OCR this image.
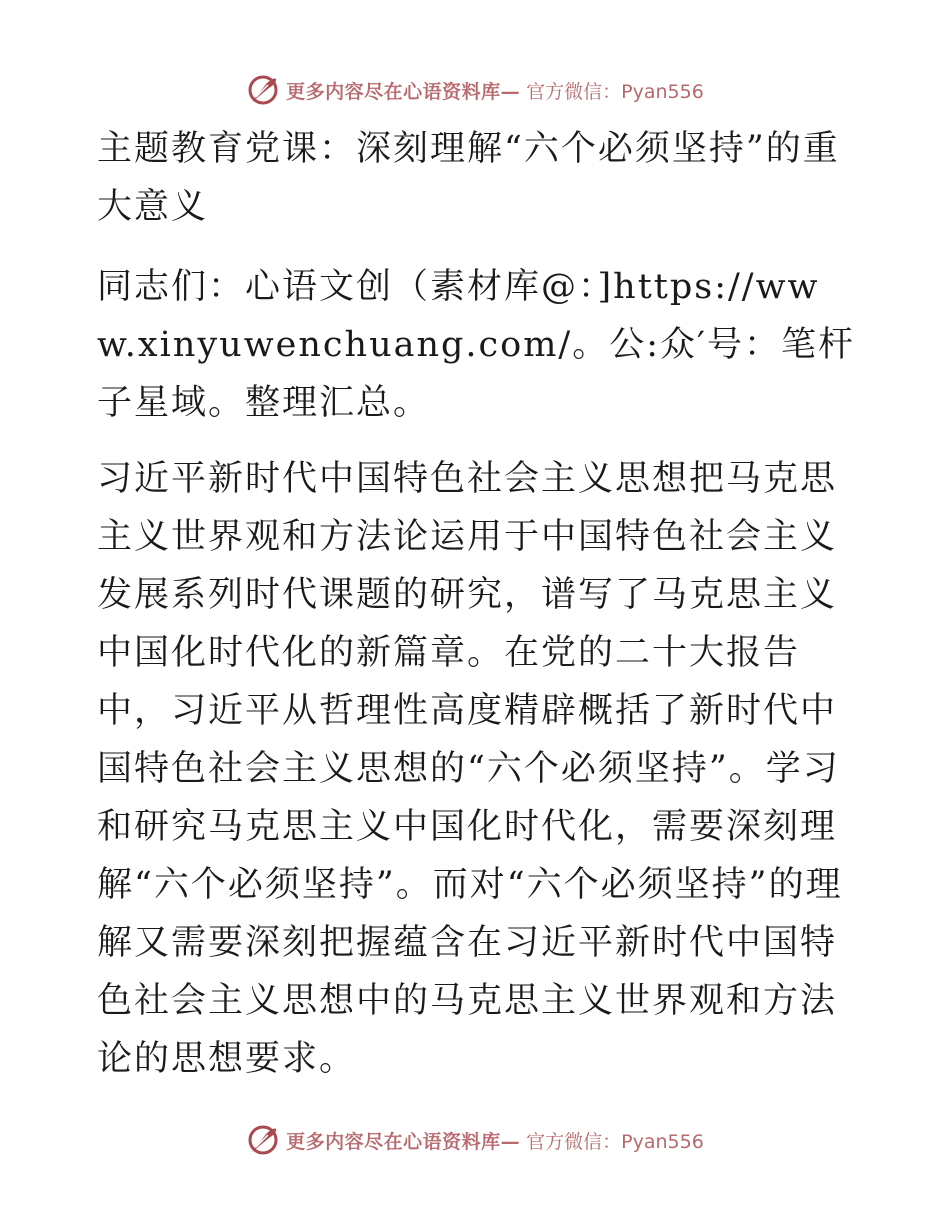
更多内容尽在心语资料库— 官方微信：Pyan556

主题教育党课：深刻理解“六个必须坚持”的重大意义

同志们：心语文创（素材库@：]https://www.xinyuwenchuang.com/。公:众′号：笔杆子星域。整理汇总。

习近平新时代中国特色社会主义思想把马克思主义世界观和方法论运用于中国特色社会主义发展系列时代课题的研究，谱写了马克思主义中国化时代化的新篇章。在党的二十大报告中，习近平从哲理性高度精辟概括了新时代中国特色社会主义思想的“六个必须坚持”。学习和研究马克思主义中国化时代化，需要深刻理解“六个必须坚持”。而对“六个必须坚持”的理解又需要深刻把握蕴含在习近平新时代中国特色社会主义思想中的马克思主义世界观和方法论的思想要求。

更多内容尽在心语资料库— 官方微信：Pyan556
